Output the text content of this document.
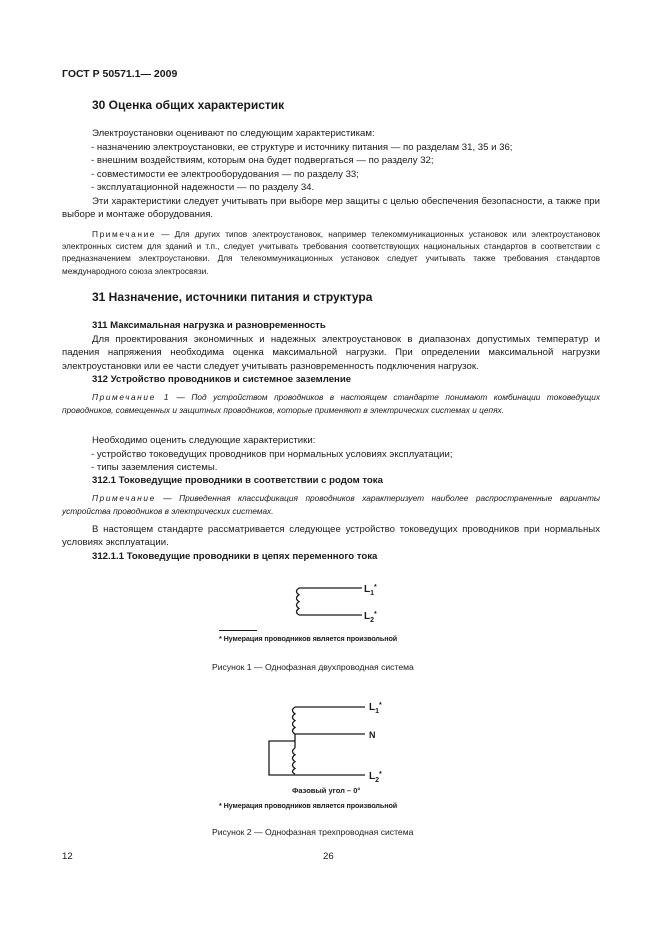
ГОСТ Р 50571.1— 2009
30 Оценка общих характеристик
Электроустановки оценивают по следующим характеристикам:
- назначению электроустановки, ее структуре и источнику питания — по разделам 31, 35 и 36;
- внешним воздействиям, которым она будет подвергаться — по разделу 32;
- совместимости ее электрооборудования — по разделу 33;
- эксплуатационной надежности — по разделу 34.
Эти характеристики следует учитывать при выборе мер защиты с целью обеспечения безопасности, а также при выборе и монтаже оборудования.
Примечание — Для других типов электроустановок, например телекоммуникационных установок или электроустановок электронных систем для зданий и т.п., следует учитывать требования соответствующих национальных стандартов в соответствии с предназначением электроустановки. Для телекоммуникационных установок следует учитывать также требования стандартов международного союза электросвязи.
31 Назначение, источники питания и структура
311 Максимальная нагрузка и разновременность
Для проектирования экономичных и надежных электроустановок в диапазонах допустимых температур и падения напряжения необходима оценка максимальной нагрузки. При определении максимальной нагрузки электроустановки или ее части следует учитывать разновременность подключения нагрузок.
312 Устройство проводников и системное заземление
Примечание 1 — Под устройством проводников в настоящем стандарте понимают комбинации токоведущих проводников, совмещенных и защитных проводников, которые применяют в электрических системах и цепях.
Необходимо оценить следующие характеристики:
- устройство токоведущих проводников при нормальных условиях эксплуатации;
- типы заземления системы.
312.1 Токоведущие проводники в соответствии с родом тока
Примечание — Приведенная классификация проводников характеризует наиболее распространенные варианты устройства проводников в электрических системах.
В настоящем стандарте рассматривается следующее устройство токоведущих проводников при нормальных условиях эксплуатации.
312.1.1 Токоведущие проводники в цепях переменного тока
$L_1^*$
$L_2^*$
* Нумерация проводников является произвольной
Рисунок 1 — Однофазная двухпроводная система
$L_1^*$
N
$L_2^*$
Фазовый угол – 0°
* Нумерация проводников является произвольной
Рисунок 2 — Однофазная трехпроводная система
12	26
